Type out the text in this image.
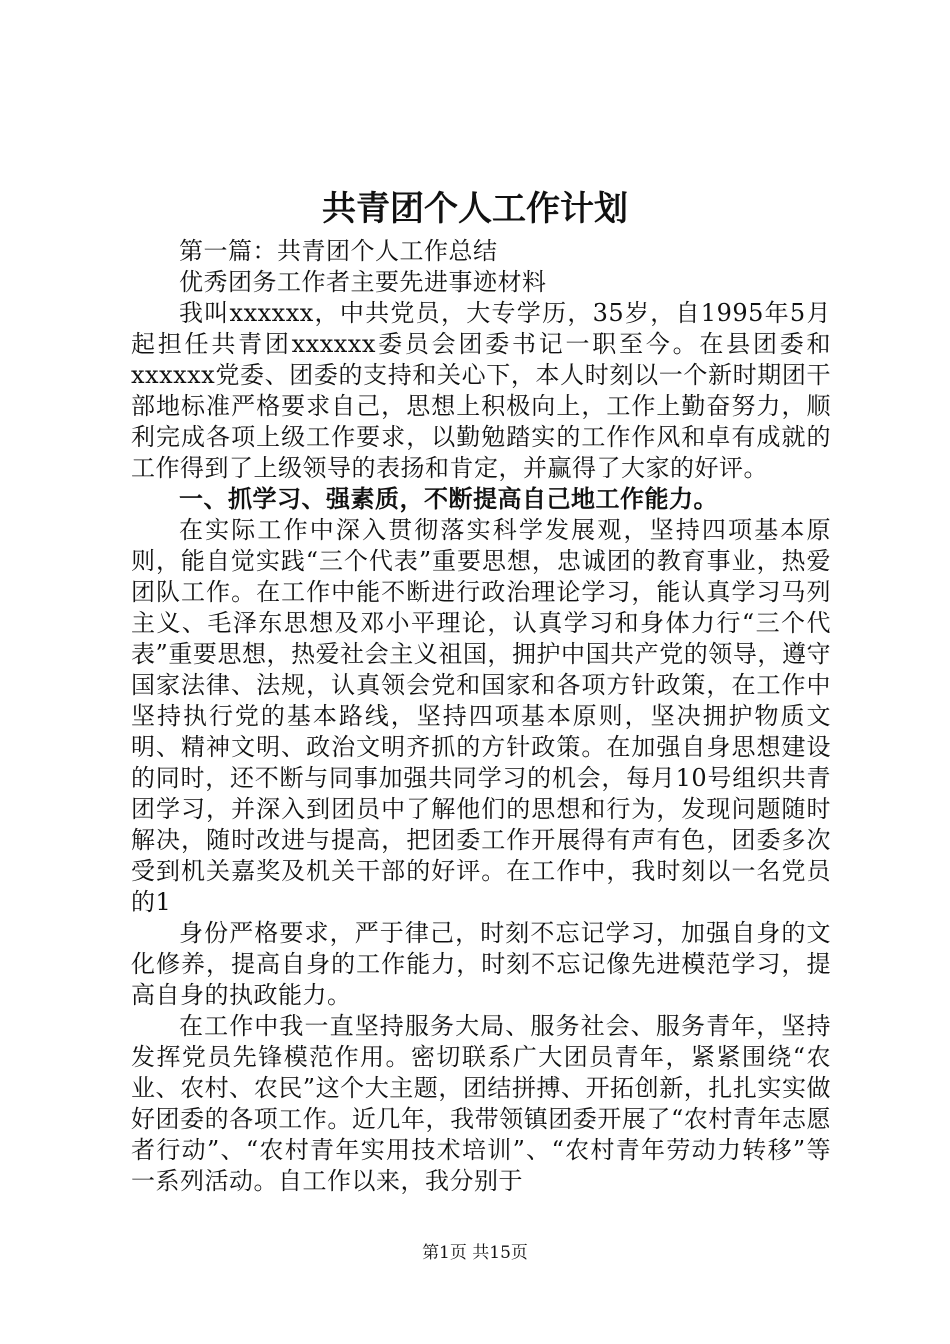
共青团个人工作计划

第一篇：共青团个人工作总结

优秀团务工作者主要先进事迹材料

我叫xxxxxx，中共党员，大专学历，35岁，自1995年5月起担任共青团xxxxxx委员会团委书记一职至今。在县团委和xxxxxx党委、团委的支持和关心下，本人时刻以一个新时期团干部地标准严格要求自己，思想上积极向上，工作上勤奋努力，顺利完成各项上级工作要求，以勤勉踏实的工作作风和卓有成就的工作得到了上级领导的表扬和肯定，并赢得了大家的好评。

一、抓学习、强素质，不断提高自己地工作能力。

在实际工作中深入贯彻落实科学发展观，坚持四项基本原则，能自觉实践“三个代表”重要思想，忠诚团的教育事业，热爱团队工作。在工作中能不断进行政治理论学习，能认真学习马列主义、毛泽东思想及邓小平理论，认真学习和身体力行“三个代表”重要思想，热爱社会主义祖国，拥护中国共产党的领导，遵守国家法律、法规，认真领会党和国家和各项方针政策，在工作中坚持执行党的基本路线，坚持四项基本原则，坚决拥护物质文明、精神文明、政治文明齐抓的方针政策。在加强自身思想建设的同时，还不断与同事加强共同学习的机会，每月10号组织共青团学习，并深入到团员中了解他们的思想和行为，发现问题随时解决，随时改进与提高，把团委工作开展得有声有色，团委多次受到机关嘉奖及机关干部的好评。在工作中，我时刻以一名党员的1

身份严格要求，严于律己，时刻不忘记学习，加强自身的文化修养，提高自身的工作能力，时刻不忘记像先进模范学习，提高自身的执政能力。

在工作中我一直坚持服务大局、服务社会、服务青年，坚持发挥党员先锋模范作用。密切联系广大团员青年，紧紧围绕“农业、农村、农民”这个大主题，团结拼搏、开拓创新，扎扎实实做好团委的各项工作。近几年，我带领镇团委开展了“农村青年志愿者行动”、“农村青年实用技术培训”、“农村青年劳动力转移”等一系列活动。自工作以来，我分别于

第1页 共15页
